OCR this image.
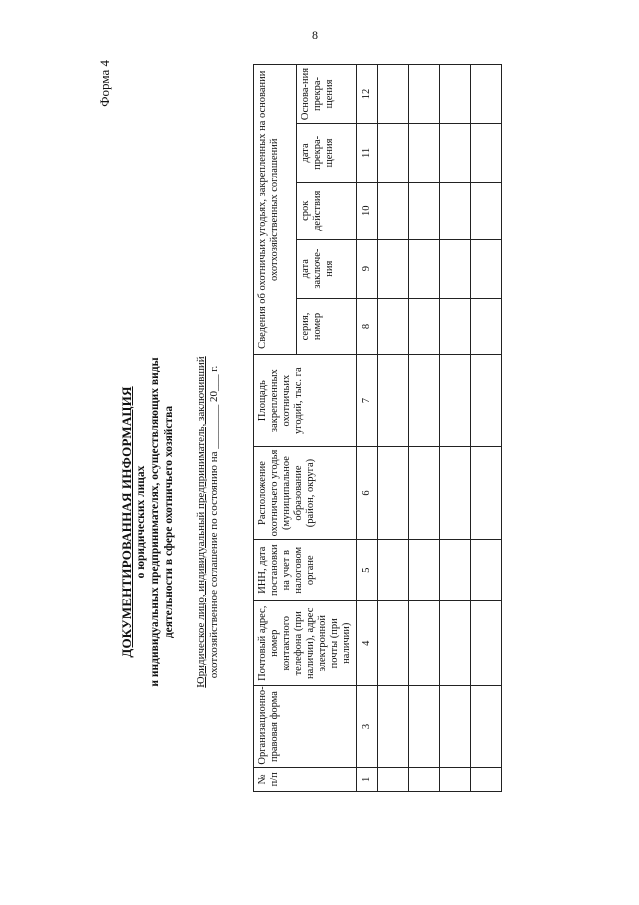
8
Форма 4
ДОКУМЕНТИРОВАННАЯ ИНФОРМАЦИЯ о юридических лицах и индивидуальных предпринимателях, осуществляющих виды деятельности в сфере охотничьего хозяйства Юридическое лицо, индивидуальный предприниматель, заключивший охотхозяйственное соглашение по состоянию на ________ 20___ г.
№ п/п	Организационно-правовая форма	Почтовый адрес, номер контактного телефона (при наличии), адрес электронной почты (при наличии)	ИНН, дата постановки на учет в налоговом органе	Расположение охотничьего угодья (муниципальное образование (район, округа)	Площадь закрепленных охотничьих угодий, тыс. га	Сведения об охотничьих угодьях, закрепленных на основании охотхозяйственных соглашений				
						серия, номер	дата заключе-ния	срок действия	дата прекра-щения	Основа-ния прекра-щения
1	3	4	5	6	7	8	9	10	11	12
